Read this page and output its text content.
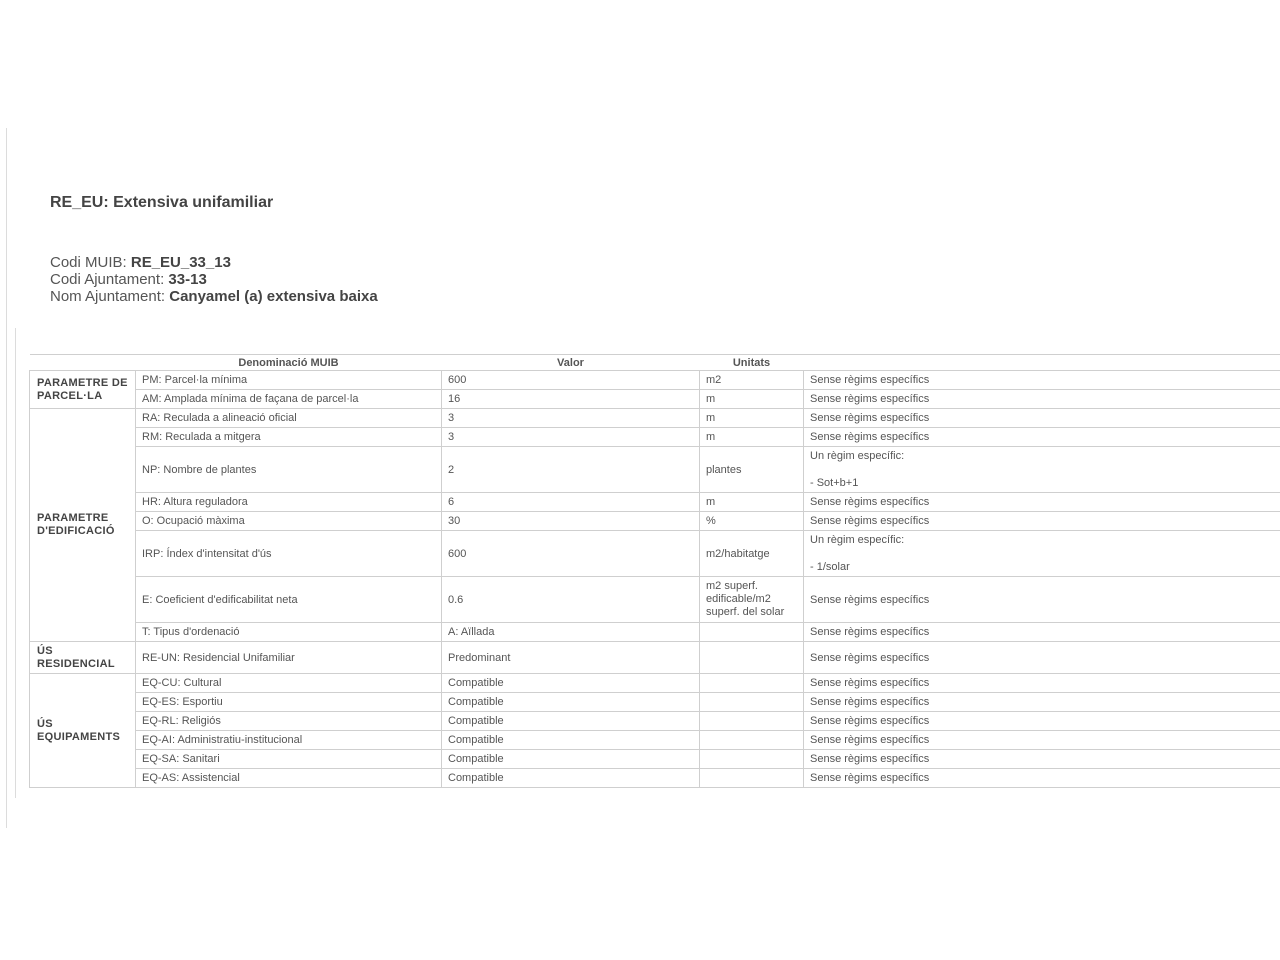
RE_EU: Extensiva unifamiliar
Codi MUIB: RE_EU_33_13
Codi Ajuntament: 33-13
Nom Ajuntament: Canyamel (a) extensiva baixa
	Denominació MUIB	Valor	Unitats	
PARAMETRE DE PARCEL·LA	PM: Parcel·la mínima	600	m2	Sense règims específics
	AM: Amplada mínima de façana de parcel·la	16	m	Sense règims específics
PARAMETRE D'EDIFICACIÓ	RA: Reculada a alineació oficial	3	m	Sense règims específics
	RM: Reculada a mitgera	3	m	Sense règims específics
	NP: Nombre de plantes	2	plantes	Un règim específic:
- Sot+b+1

	HR: Altura reguladora	6	m	Sense règims específics
	O: Ocupació màxima	30	%	Sense règims específics
	IRP: Índex d'intensitat d'ús	600	m2/habitatge	Un règim específic:
- 1/solar

	E: Coeficient d'edificabilitat neta	0.6	m2 superf. edificable/m2 superf. del solar	Sense règims específics
	T: Tipus d'ordenació	A: Aïllada		Sense règims específics
ÚS RESIDENCIAL	RE-UN: Residencial Unifamiliar	Predominant		Sense règims específics
ÚS EQUIPAMENTS	EQ-CU: Cultural	Compatible		Sense règims específics
	EQ-ES: Esportiu	Compatible		Sense règims específics
	EQ-RL: Religiós	Compatible		Sense règims específics
	EQ-AI: Administratiu-institucional	Compatible		Sense règims específics
	EQ-SA: Sanitari	Compatible		Sense règims específics
	EQ-AS: Assistencial	Compatible		Sense règims específics
